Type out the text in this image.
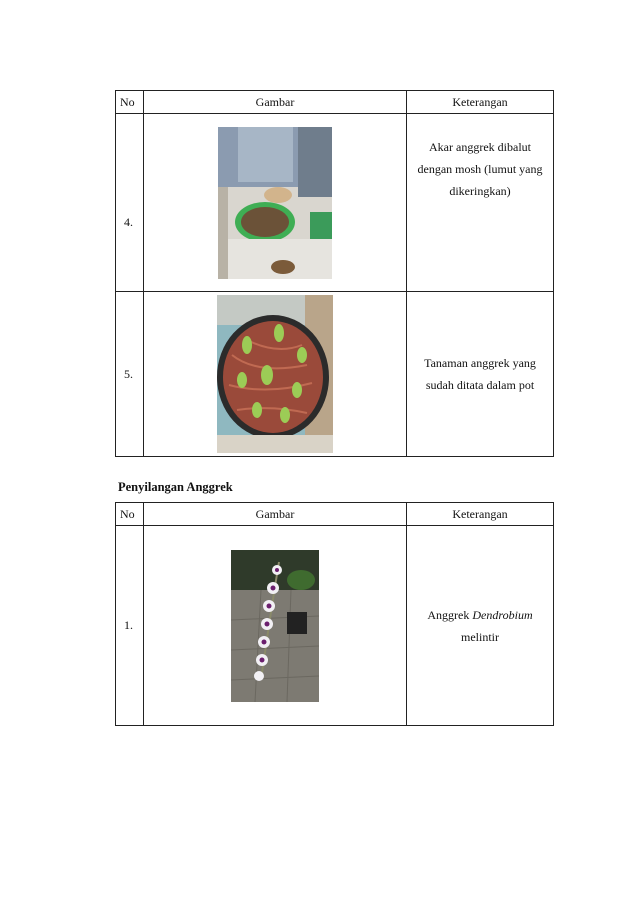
No	Gambar	Keterangan
4.		Akar anggrek dibalut
dengan mosh (lumut yang
dikeringkan)

5.		Tanaman anggrek yang
sudah ditata dalam pot
Penyilangan Anggrek
No	Gambar	Keterangan
1.		Anggrek Dendrobium
melintir
